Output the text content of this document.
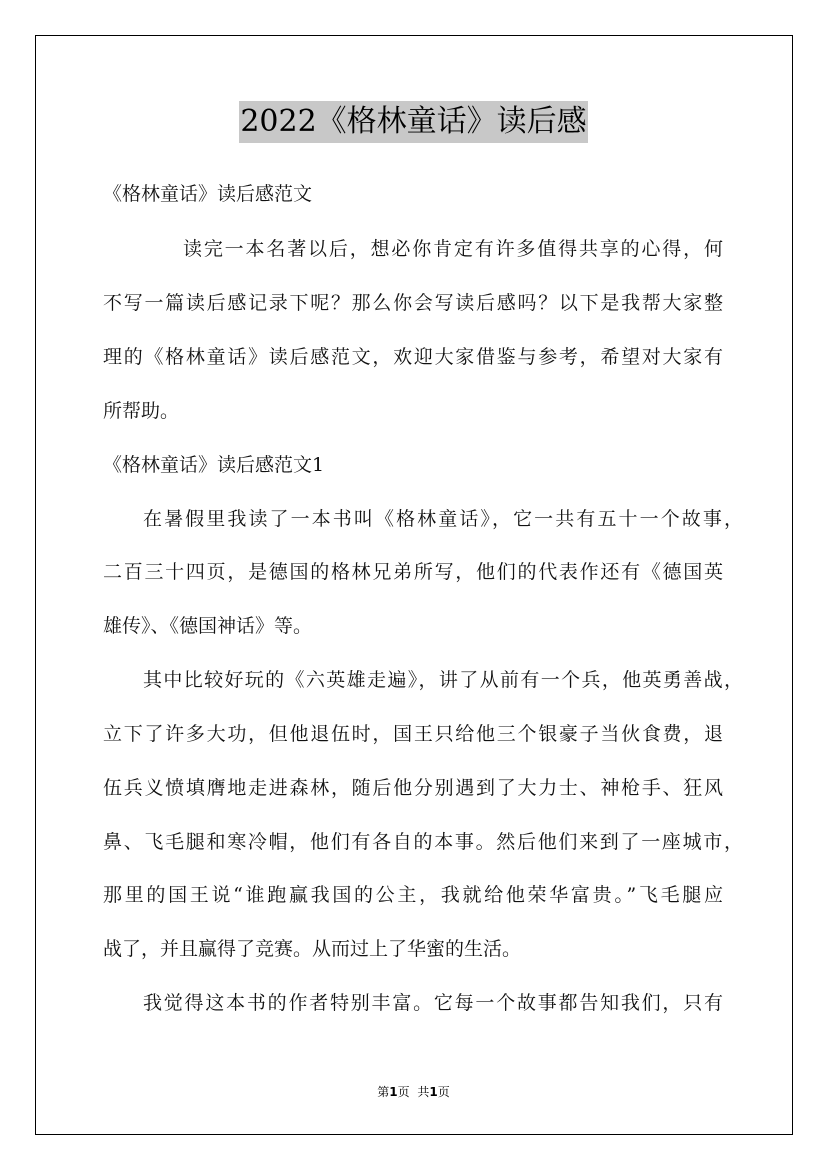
2022《格林童话》读后感
《格林童话》读后感范文
读完一本名著以后，想必你肯定有许多值得共享的心得，何
不写一篇读后感记录下呢？那么你会写读后感吗？以下是我帮大家整
理的《格林童话》读后感范文，欢迎大家借鉴与参考，希望对大家有
所帮助。
《格林童话》读后感范文1
在暑假里我读了一本书叫《格林童话》，它一共有五十一个故事，
二百三十四页，是德国的格林兄弟所写，他们的代表作还有《德国英
雄传》、《德国神话》等。
其中比较好玩的《六英雄走遍》，讲了从前有一个兵，他英勇善战，
立下了许多大功，但他退伍时，国王只给他三个银豪子当伙食费，退
伍兵义愤填膺地走进森林，随后他分别遇到了大力士、神枪手、狂风
鼻、飞毛腿和寒冷帽，他们有各自的本事。然后他们来到了一座城市，
那里的国王说“谁跑赢我国的公主，我就给他荣华富贵。”飞毛腿应
战了，并且赢得了竞赛。从而过上了华蜜的生活。
我觉得这本书的作者特别丰富。它每一个故事都告知我们，只有
第1页 共1页
